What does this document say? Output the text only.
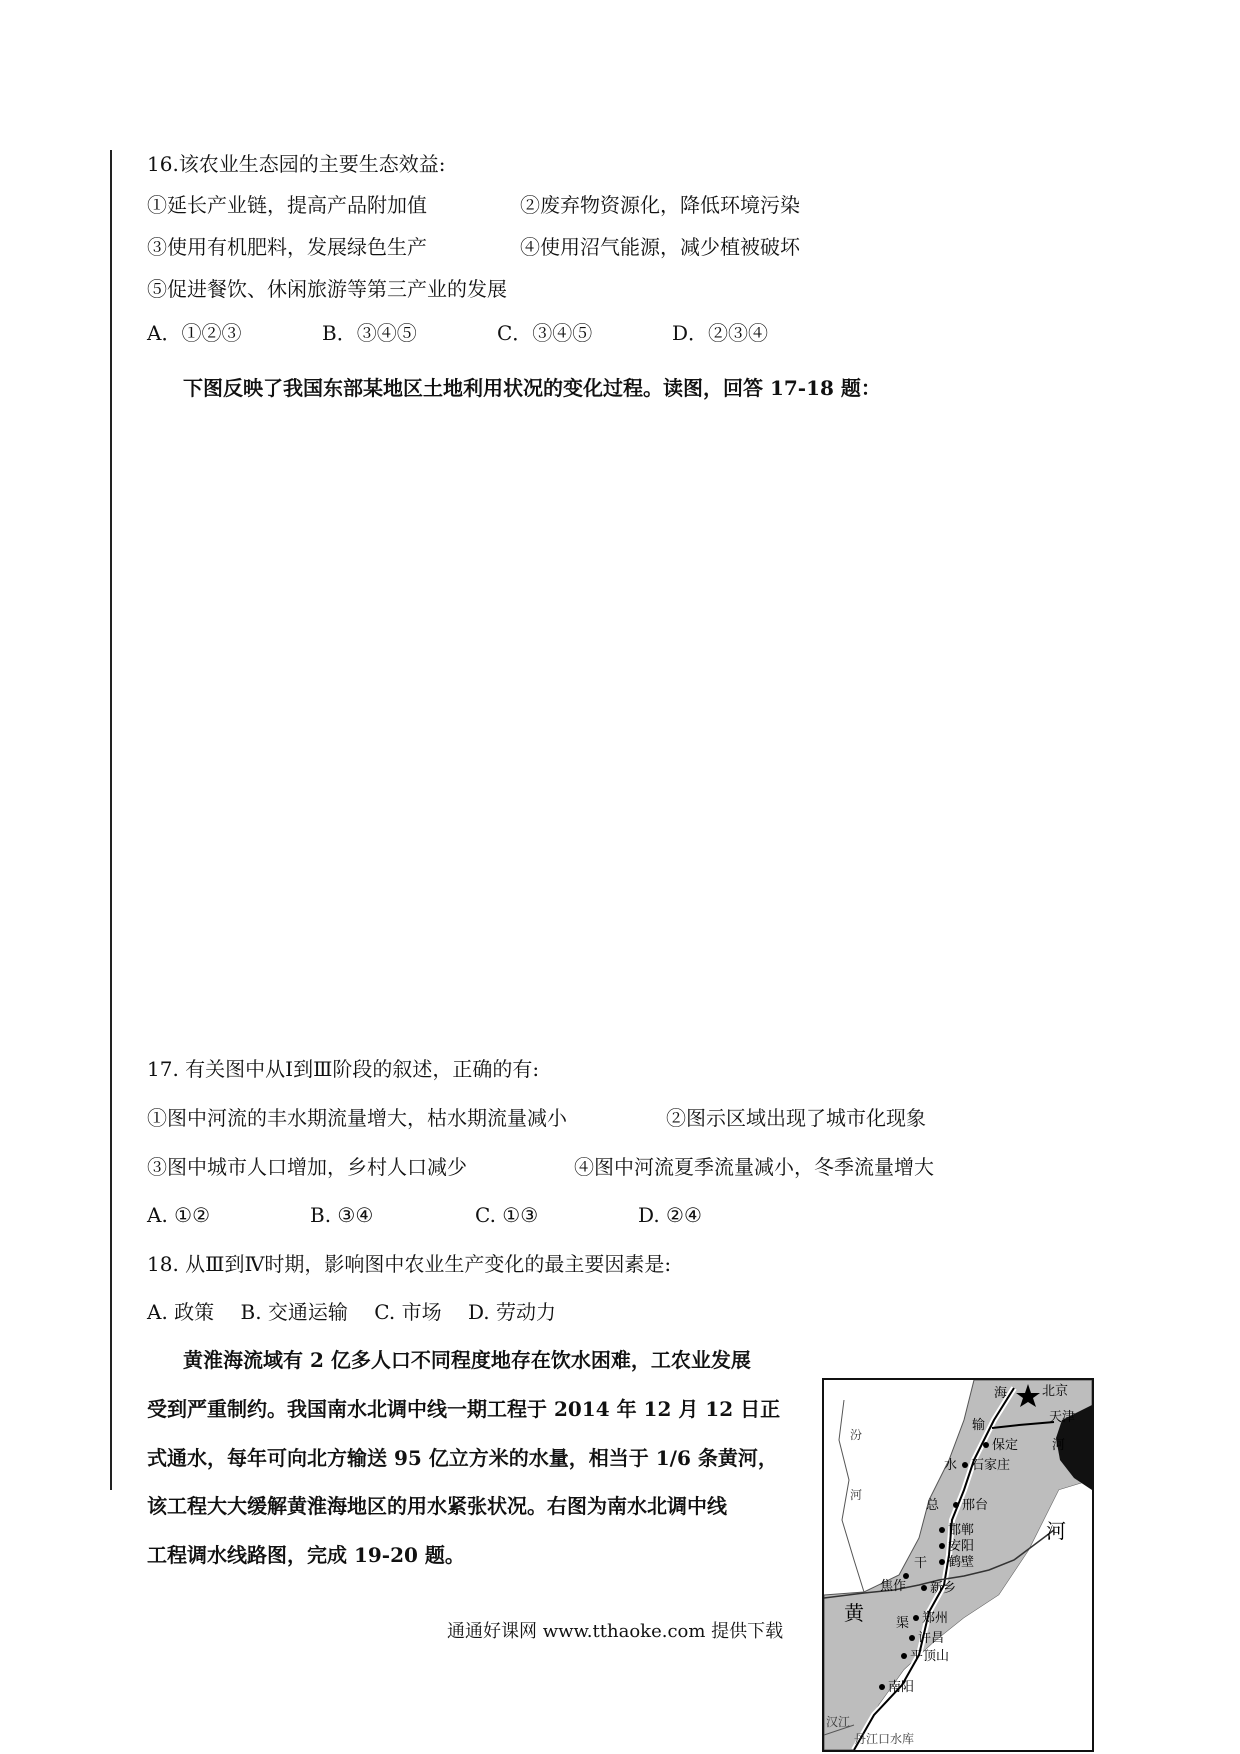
16.该农业生态园的主要生态效益:
①延长产业链，提高产品附加值	②废弃物资源化，降低环境污染
③使用有机肥料，发展绿色生产	④使用沼气能源，减少植被破坏
⑤促进餐饮、休闲旅游等第三产业的发展
A．①②③	B．③④⑤	C．③④⑤	D．②③④
下图反映了我国东部某地区土地利用状况的变化过程。读图，回答 17-18 题：
17. 有关图中从Ⅰ到Ⅲ阶段的叙述，正确的有:
①图中河流的丰水期流量增大，枯水期流量减小	②图示区域出现了城市化现象
③图中城市人口增加，乡村人口减少	④图中河流夏季流量减小，冬季流量增大
A. ①②	B. ③④	C. ①③	D. ②④
18. 从Ⅲ到Ⅳ时期，影响图中农业生产变化的最主要因素是:
A. 政策　 B. 交通运输　 C. 市场　 D. 劳动力
黄淮海流域有 2 亿多人口不同程度地存在饮水困难，工农业发展
受到严重制约。我国南水北调中线一期工程于 2014 年 12 月 12 日正
式通水，每年可向北方输送 95 亿立方米的水量，相当于 1/6 条黄河，
该工程大大缓解黄淮海地区的用水紧张状况。右图为南水北调中线
工程调水线路图，完成 19-20 题。
通通好课网 www.tthaoke.com 提供下载
海	北京
天津
保定
石家庄
邢台
邯郸
安阳
鹤壁
新乡
焦作
郑州
许昌
平顶山
南阳
丹江口水库
汉江
汾
河
输
水
总
干
渠
河
黄
河
